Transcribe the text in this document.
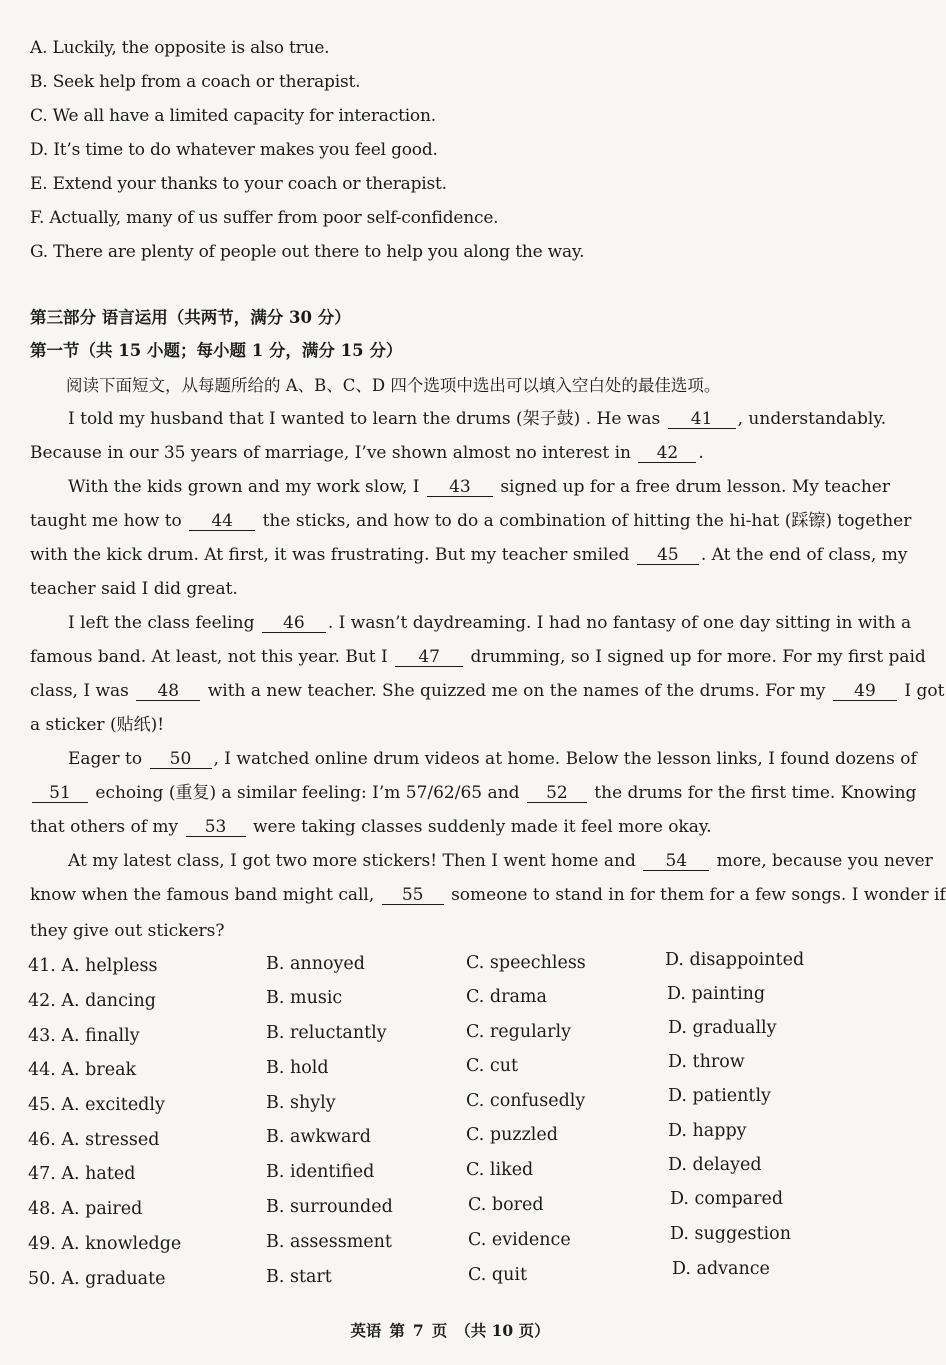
A. Luckily, the opposite is also true.
B. Seek help from a coach or therapist.
C. We all have a limited capacity for interaction.
D. It’s time to do whatever makes you feel good.
E. Extend your thanks to your coach or therapist.
F. Actually, many of us suffer from poor self-confidence.
G. There are plenty of people out there to help you along the way.
第三部分 语言运用（共两节，满分 30 分）
第一节（共 15 小题；每小题 1 分，满分 15 分）
阅读下面短文，从每题所给的 A、B、C、D 四个选项中选出可以填入空白处的最佳选项。
I told my husband that I wanted to learn the drums (架子鼓) . He was 41 , understandably.
Because in our 35 years of marriage, I’ve shown almost no interest in 42 .
With the kids grown and my work slow, I 43 signed up for a free drum lesson. My teacher
taught me how to 44 the sticks, and how to do a combination of hitting the hi-hat (踩镲) together
with the kick drum. At first, it was frustrating. But my teacher smiled 45 . At the end of class, my
teacher said I did great.
I left the class feeling 46 . I wasn’t daydreaming. I had no fantasy of one day sitting in with a
famous band. At least, not this year. But I 47 drumming, so I signed up for more. For my first paid
class, I was 48 with a new teacher. She quizzed me on the names of the drums. For my 49 I got
a sticker (贴纸)!
Eager to 50 , I watched online drum videos at home. Below the lesson links, I found dozens of
51 echoing (重复) a similar feeling: I’m 57/62/65 and 52 the drums for the first time. Knowing
that others of my 53 were taking classes suddenly made it feel more okay.
At my latest class, I got two more stickers! Then I went home and 54 more, because you never
know when the famous band might call, 55 someone to stand in for them for a few songs. I wonder if
they give out stickers?
41. A. helpless	B. annoyed	C. speechless	D. disappointed
42. A. dancing	B. music	C. drama	D. painting
43. A. finally	B. reluctantly	C. regularly	D. gradually
44. A. break	B. hold	C. cut	D. throw
45. A. excitedly	B. shyly	C. confusedly	D. patiently
46. A. stressed	B. awkward	C. puzzled	D. happy
47. A. hated	B. identified	C. liked	D. delayed
48. A. paired	B. surrounded	C. bored	D. compared
49. A. knowledge	B. assessment	C. evidence	D. suggestion
50. A. graduate	B. start	C. quit	D. advance
英语 第 7 页 （共 10 页）
